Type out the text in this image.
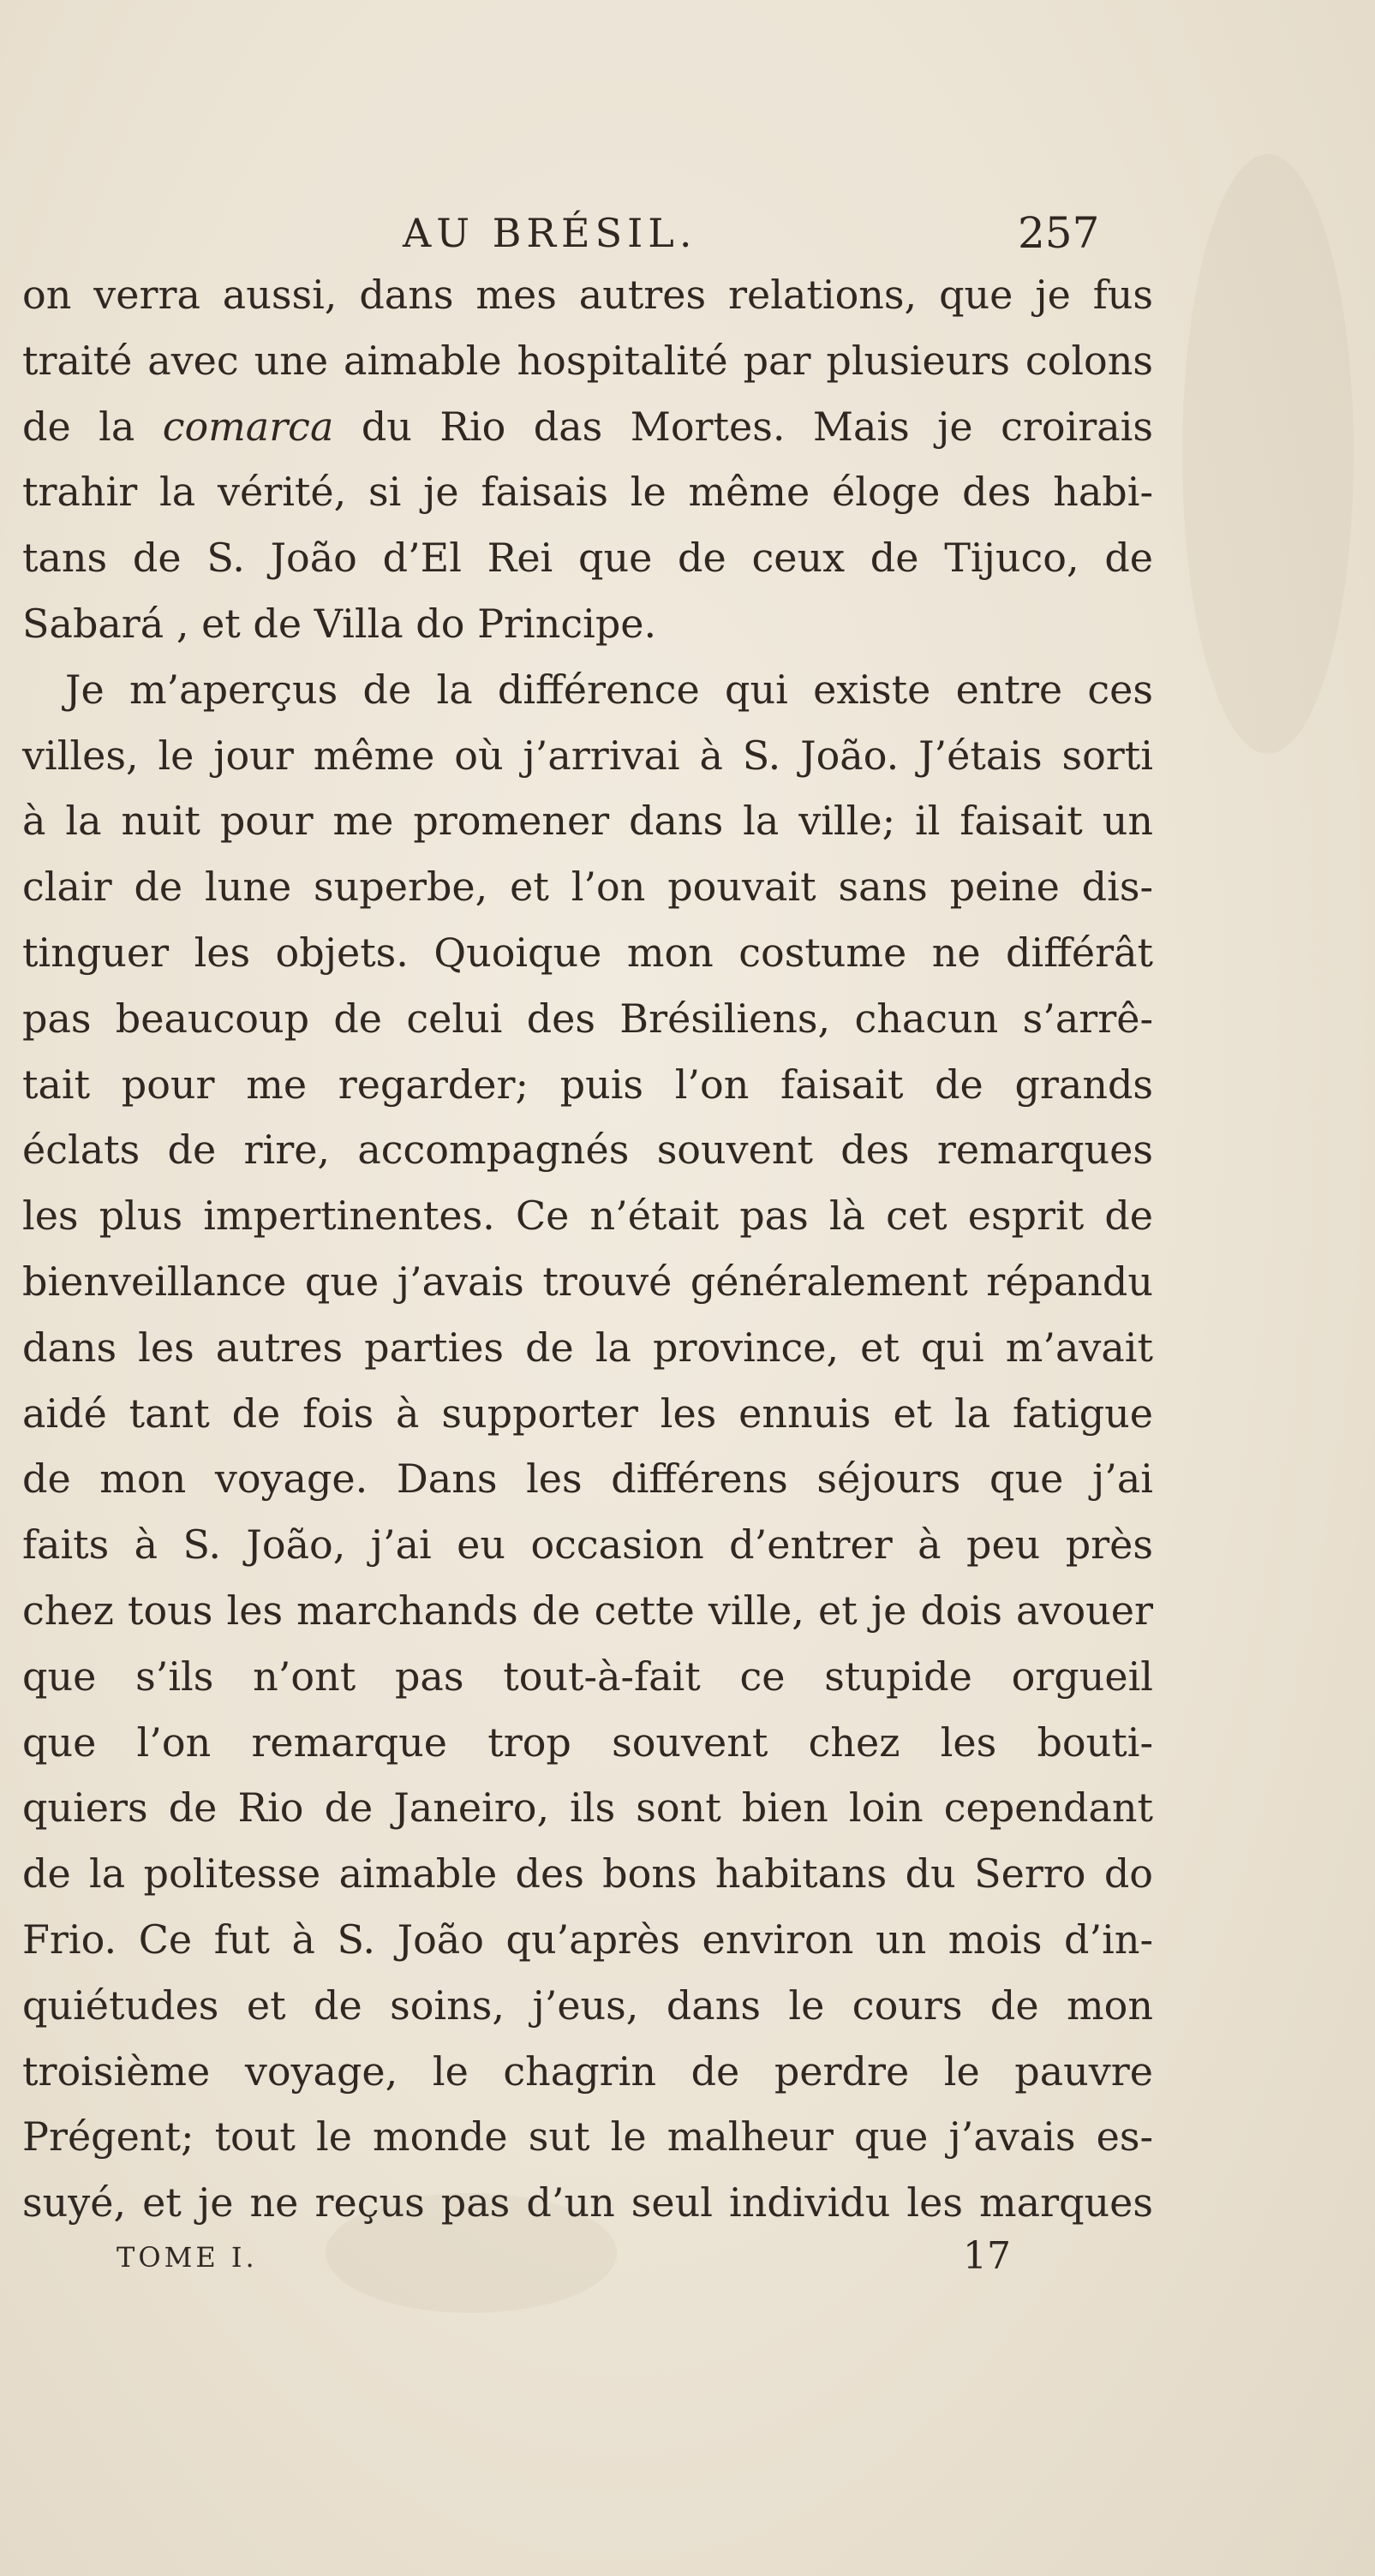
AU BRÉSIL.	257
on verra aussi, dans mes autres relations, que je fus
traité avec une aimable hospitalité par plusieurs colons
de la comarca du Rio das Mortes. Mais je croirais
trahir la vérité, si je faisais le même éloge des habi-
tans de S. João d’El Rei que de ceux de Tijuco, de
Sabará , et de Villa do Principe.
Je m’aperçus de la différence qui existe entre ces
villes, le jour même où j’arrivai à S. João. J’étais sorti
à la nuit pour me promener dans la ville; il faisait un
clair de lune superbe, et l’on pouvait sans peine dis-
tinguer les objets. Quoique mon costume ne différât
pas beaucoup de celui des Brésiliens, chacun s’arrê-
tait pour me regarder; puis l’on faisait de grands
éclats de rire, accompagnés souvent des remarques
les plus impertinentes. Ce n’était pas là cet esprit de
bienveillance que j’avais trouvé généralement répandu
dans les autres parties de la province, et qui m’avait
aidé tant de fois à supporter les ennuis et la fatigue
de mon voyage. Dans les différens séjours que j’ai
faits à S. João, j’ai eu occasion d’entrer à peu près
chez tous les marchands de cette ville, et je dois avouer
que s’ils n’ont pas tout-à-fait ce stupide orgueil
que l’on remarque trop souvent chez les bouti-
quiers de Rio de Janeiro, ils sont bien loin cependant
de la politesse aimable des bons habitans du Serro do
Frio. Ce fut à S. João qu’après environ un mois d’in-
quiétudes et de soins, j’eus, dans le cours de mon
troisième voyage, le chagrin de perdre le pauvre
Prégent; tout le monde sut le malheur que j’avais es-
suyé, et je ne reçus pas d’un seul individu les marques
TOME I.	17
